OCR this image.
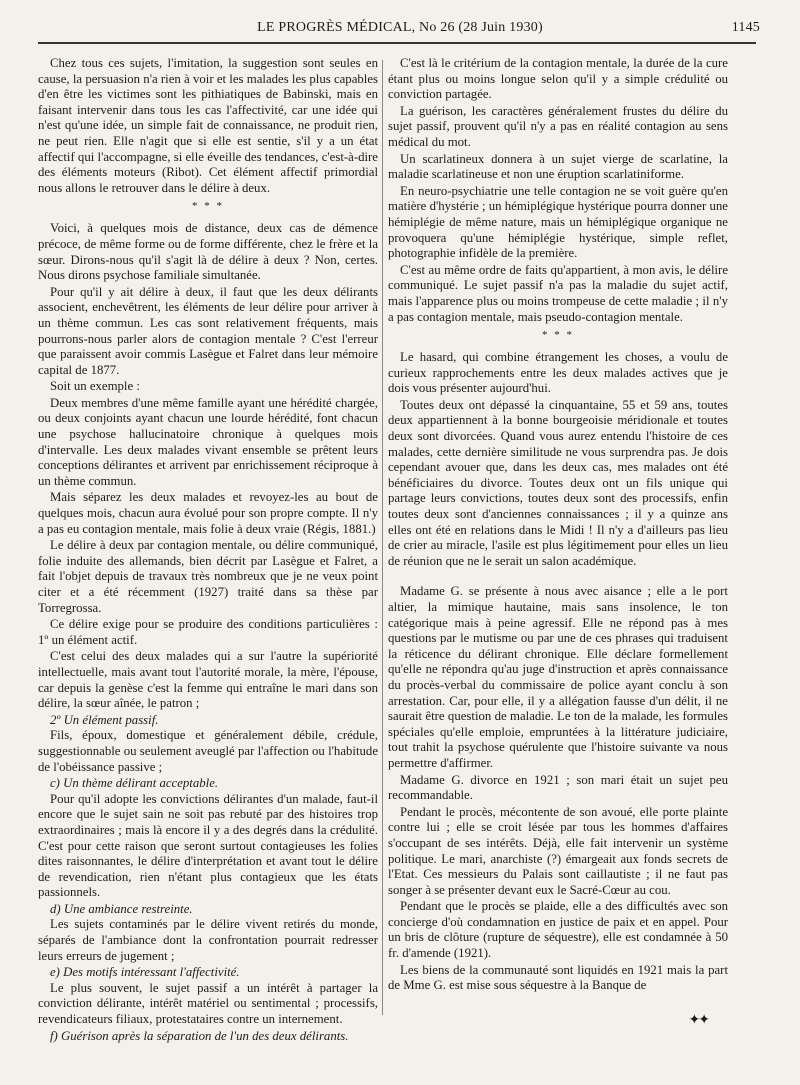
LE PROGRÈS MÉDICAL, No 26 (28 Juin 1930)	1145

Chez tous ces sujets, l'imitation, la suggestion sont seules en cause, la persuasion n'a rien à voir et les malades les plus capables d'en être les victimes sont les pithiatiques de Babinski, mais en faisant intervenir dans tous les cas l'affectivité, car une idée qui n'est qu'une idée, un simple fait de connaissance, ne produit rien, ne peut rien. Elle n'agit que si elle est sentie, s'il y a un état affectif qui l'accompagne, si elle éveille des tendances, c'est-à-dire des éléments moteurs (Ribot). Cet élément affectif primordial nous allons le retrouver dans le délire à deux.

* * *

Voici, à quelques mois de distance, deux cas de démence précoce, de même forme ou de forme différente, chez le frère et la sœur. Dirons-nous qu'il s'agit là de délire à deux ? Non, certes. Nous dirons psychose familiale simultanée.

Pour qu'il y ait délire à deux, il faut que les deux délirants associent, enchevêtrent, les éléments de leur délire pour arriver à un thème commun. Les cas sont relativement fréquents, mais pourrons-nous parler alors de contagion mentale ? C'est l'erreur que paraissent avoir commis Lasègue et Falret dans leur mémoire capital de 1877.

Soit un exemple :

Deux membres d'une même famille ayant une hérédité chargée, ou deux conjoints ayant chacun une lourde hérédité, font chacun une psychose hallucinatoire chronique à quelques mois d'intervalle. Les deux malades vivant ensemble se prêtent leurs conceptions délirantes et arrivent par enrichissement réciproque à un thème commun.

Mais séparez les deux malades et revoyez-les au bout de quelques mois, chacun aura évolué pour son propre compte. Il n'y a pas eu contagion mentale, mais folie à deux vraie (Régis, 1881.)

Le délire à deux par contagion mentale, ou délire communiqué, folie induite des allemands, bien décrit par Lasègue et Falret, a fait l'objet depuis de travaux très nombreux que je ne veux point citer et a été récemment (1927) traité dans sa thèse par Torregrossa.

Ce délire exige pour se produire des conditions particulières : 1º un élément actif.

C'est celui des deux malades qui a sur l'autre la supériorité intellectuelle, mais avant tout l'autorité morale, la mère, l'épouse, car depuis la genèse c'est la femme qui entraîne le mari dans son délire, la sœur aînée, le patron ;

2º Un élément passif.

Fils, époux, domestique et généralement débile, crédule, suggestionnable ou seulement aveuglé par l'affection ou l'habitude de l'obéissance passive ;

c) Un thème délirant acceptable.

Pour qu'il adopte les convictions délirantes d'un malade, faut-il encore que le sujet sain ne soit pas rebuté par des histoires trop extraordinaires ; mais là encore il y a des degrés dans la crédulité. C'est pour cette raison que seront surtout contagieuses les folies dites raisonnantes, le délire d'interprétation et avant tout le délire de revendication, rien n'étant plus contagieux que les états passionnels.

d) Une ambiance restreinte.

Les sujets contaminés par le délire vivent retirés du monde, séparés de l'ambiance dont la confrontation pourrait redresser leurs erreurs de jugement ;

e) Des motifs intéressant l'affectivité.

Le plus souvent, le sujet passif a un intérêt à partager la conviction délirante, intérêt matériel ou sentimental ; processifs, revendicateurs filiaux, protestataires contre un internement.

f) Guérison après la séparation de l'un des deux délirants.

C'est là le critérium de la contagion mentale, la durée de la cure étant plus ou moins longue selon qu'il y a simple crédulité ou conviction partagée.

La guérison, les caractères généralement frustes du délire du sujet passif, prouvent qu'il n'y a pas en réalité contagion au sens médical du mot.

Un scarlatineux donnera à un sujet vierge de scarlatine, la maladie scarlatineuse et non une éruption scarlatiniforme.

En neuro-psychiatrie une telle contagion ne se voit guère qu'en matière d'hystérie ; un hémiplégique hystérique pourra donner une hémiplégie de même nature, mais un hémiplégique organique ne provoquera qu'une hémiplégie hystérique, simple reflet, photographie infidèle de la première.

C'est au même ordre de faits qu'appartient, à mon avis, le délire communiqué. Le sujet passif n'a pas la maladie du sujet actif, mais l'apparence plus ou moins trompeuse de cette maladie ; il n'y a pas contagion mentale, mais pseudo-contagion mentale.

* * *

Le hasard, qui combine étrangement les choses, a voulu de curieux rapprochements entre les deux malades actives que je dois vous présenter aujourd'hui.

Toutes deux ont dépassé la cinquantaine, 55 et 59 ans, toutes deux appartiennent à la bonne bourgeoisie méridionale et toutes deux sont divorcées. Quand vous aurez entendu l'histoire de ces malades, cette dernière similitude ne vous surprendra pas. Je dois cependant avouer que, dans les deux cas, mes malades ont été bénéficiaires du divorce. Toutes deux ont un fils unique qui partage leurs convictions, toutes deux sont des processifs, enfin toutes deux sont d'anciennes connaissances ; il y a quinze ans elles ont été en relations dans le Midi ! Il n'y a d'ailleurs pas lieu de crier au miracle, l'asile est plus légitimement pour elles un lieu de réunion que ne le serait un salon académique.

Madame G. se présente à nous avec aisance ; elle a le port altier, la mimique hautaine, mais sans insolence, le ton catégorique mais à peine agressif. Elle ne répond pas à mes questions par le mutisme ou par une de ces phrases qui traduisent la réticence du délirant chronique. Elle déclare formellement qu'elle ne répondra qu'au juge d'instruction et après connaissance du procès-verbal du commissaire de police ayant conclu à son arrestation. Car, pour elle, il y a allégation fausse d'un délit, il ne saurait être question de maladie. Le ton de la malade, les formules spéciales qu'elle emploie, empruntées à la littérature judiciaire, tout trahit la psychose quérulente que l'histoire suivante va nous permettre d'affirmer.

Madame G. divorce en 1921 ; son mari était un sujet peu recommandable.

Pendant le procès, mécontente de son avoué, elle porte plainte contre lui ; elle se croit lésée par tous les hommes d'affaires s'occupant de ses intérêts. Déjà, elle fait intervenir un système politique. Le mari, anarchiste (?) émargeait aux fonds secrets de l'Etat. Ces messieurs du Palais sont caillautiste ; il ne faut pas songer à se présenter devant eux le Sacré-Cœur au cou.

Pendant que le procès se plaide, elle a des difficultés avec son concierge d'où condamnation en justice de paix et en appel. Pour un bris de clôture (rupture de séquestre), elle est condamnée à 50 fr. d'amende (1921).

Les biens de la communauté sont liquidés en 1921 mais la part de Mme G. est mise sous séquestre à la Banque de

✦✦
